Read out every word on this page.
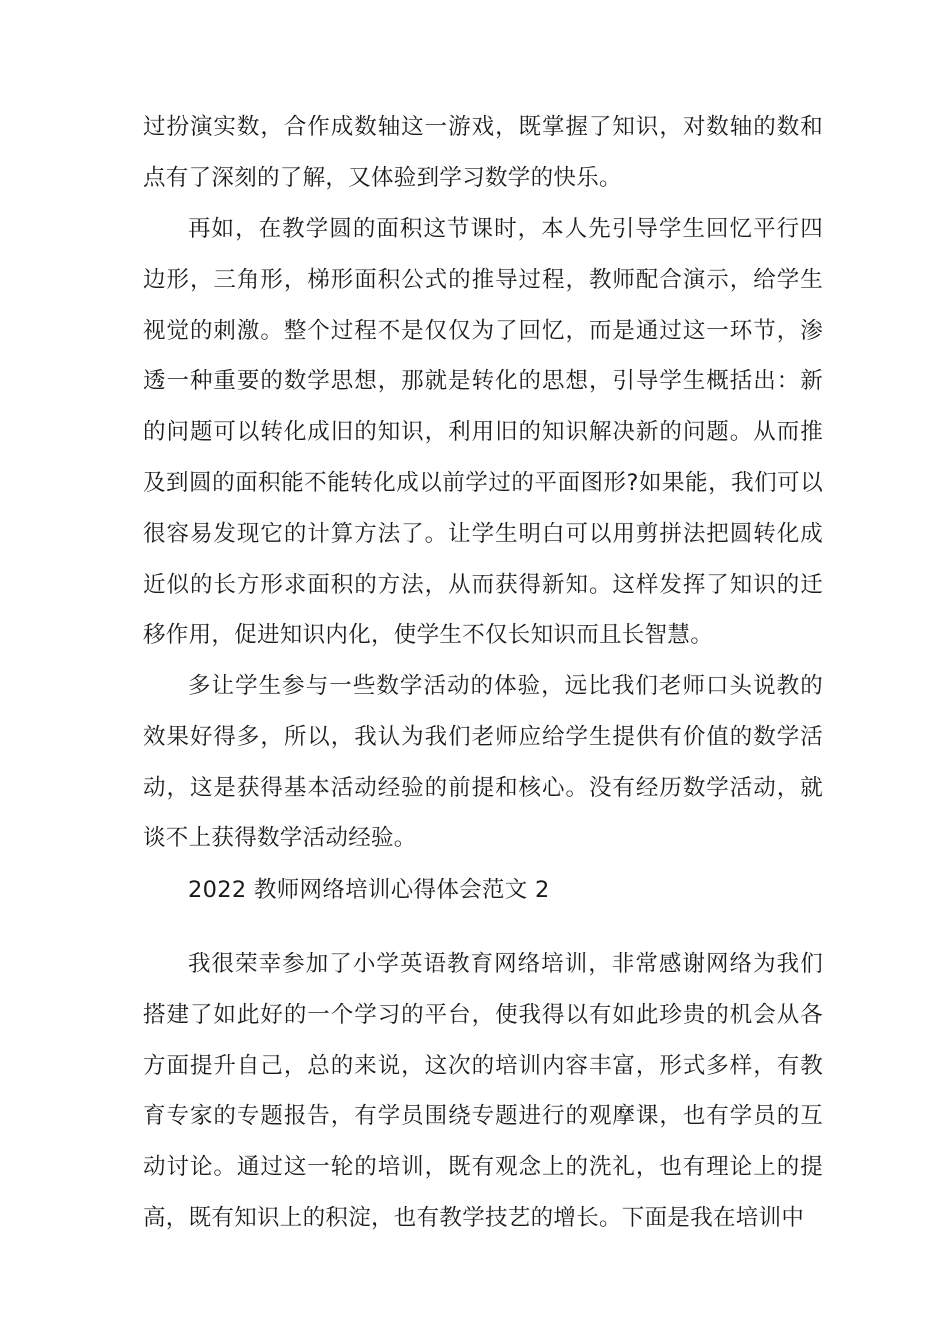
过扮演实数，合作成数轴这一游戏，既掌握了知识，对数轴的数和点有了深刻的了解，又体验到学习数学的快乐。

再如，在教学圆的面积这节课时，本人先引导学生回忆平行四边形，三角形，梯形面积公式的推导过程，教师配合演示，给学生视觉的刺激。整个过程不是仅仅为了回忆，而是通过这一环节，渗透一种重要的数学思想，那就是转化的思想，引导学生概括出：新的问题可以转化成旧的知识，利用旧的知识解决新的问题。从而推及到圆的面积能不能转化成以前学过的平面图形?如果能，我们可以很容易发现它的计算方法了。让学生明白可以用剪拼法把圆转化成近似的长方形求面积的方法，从而获得新知。这样发挥了知识的迁移作用，促进知识内化，使学生不仅长知识而且长智慧。

多让学生参与一些数学活动的体验，远比我们老师口头说教的效果好得多，所以，我认为我们老师应给学生提供有价值的数学活动，这是获得基本活动经验的前提和核心。没有经历数学活动，就谈不上获得数学活动经验。

2022 教师网络培训心得体会范文 2

我很荣幸参加了小学英语教育网络培训，非常感谢网络为我们搭建了如此好的一个学习的平台，使我得以有如此珍贵的机会从各方面提升自己，总的来说，这次的培训内容丰富，形式多样，有教育专家的专题报告，有学员围绕专题进行的观摩课，也有学员的互动讨论。通过这一轮的培训，既有观念上的洗礼，也有理论上的提高，既有知识上的积淀，也有教学技艺的增长。下面是我在培训中
